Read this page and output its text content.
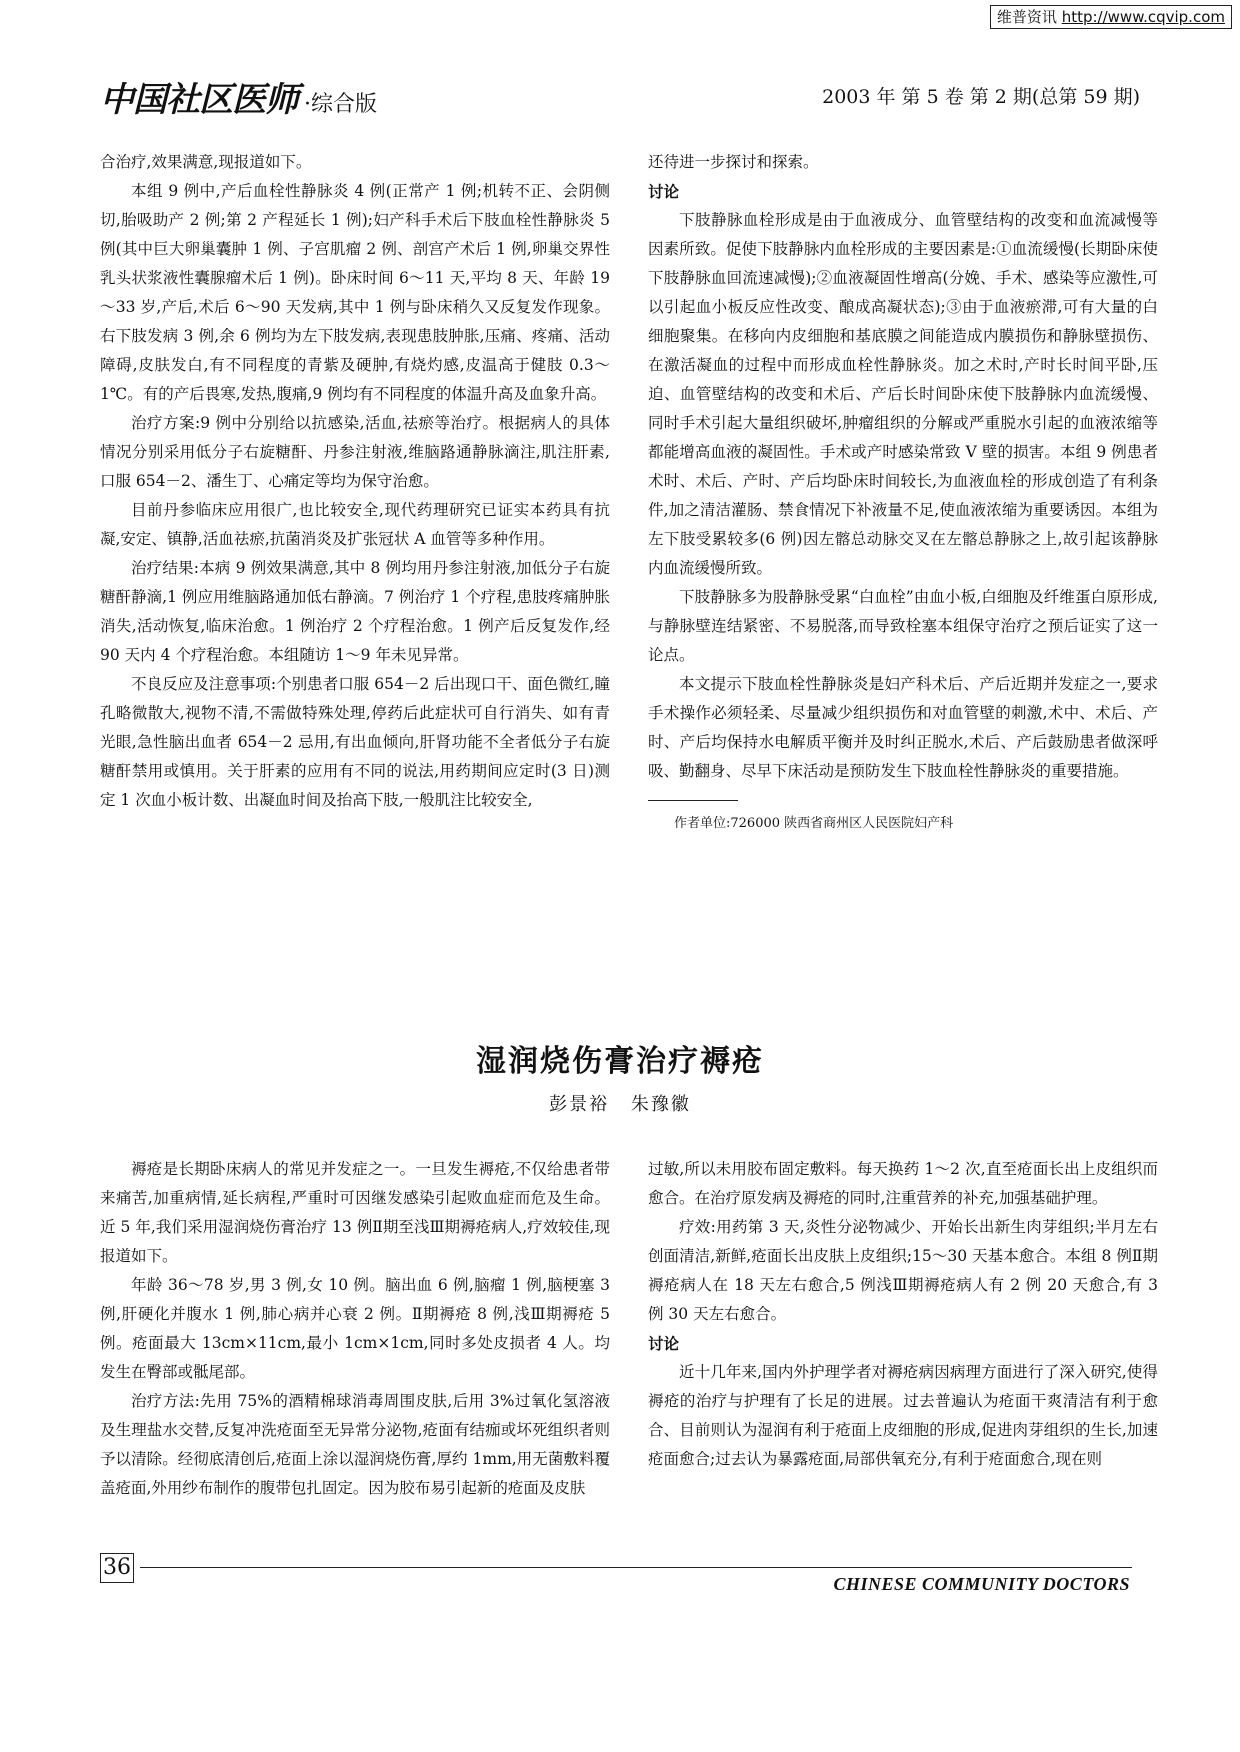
维普资讯 http://www.cqvip.com
中国社区医师 ·综合版	2003 年 第 5 卷 第 2 期(总第 59 期)

合治疗,效果满意,现报道如下。

本组 9 例中,产后血栓性静脉炎 4 例(正常产 1 例;机转不正、会阴侧切,胎吸助产 2 例;第 2 产程延长 1 例);妇产科手术后下肢血栓性静脉炎 5 例(其中巨大卵巢囊肿 1 例、子宫肌瘤 2 例、剖宫产术后 1 例,卵巢交界性乳头状浆液性囊腺瘤术后 1 例)。卧床时间 6～11 天,平均 8 天、年龄 19～33 岁,产后,术后 6～90 天发病,其中 1 例与卧床稍久又反复发作现象。右下肢发病 3 例,余 6 例均为左下肢发病,表现患肢肿胀,压痛、疼痛、活动障碍,皮肤发白,有不同程度的青紫及硬肿,有烧灼感,皮温高于健肢 0.3～1℃。有的产后畏寒,发热,腹痛,9 例均有不同程度的体温升高及血象升高。

治疗方案:9 例中分别给以抗感染,活血,祛瘀等治疗。根据病人的具体情况分别采用低分子右旋糖酐、丹参注射液,维脑路通静脉滴注,肌注肝素,口服 654－2、潘生丁、心痛定等均为保守治愈。

目前丹参临床应用很广,也比较安全,现代药理研究已证实本药具有抗凝,安定、镇静,活血祛瘀,抗菌消炎及扩张冠状 A 血管等多种作用。

治疗结果:本病 9 例效果满意,其中 8 例均用丹参注射液,加低分子右旋糖酐静滴,1 例应用维脑路通加低右静滴。7 例治疗 1 个疗程,患肢疼痛肿胀消失,活动恢复,临床治愈。1 例治疗 2 个疗程治愈。1 例产后反复发作,经 90 天内 4 个疗程治愈。本组随访 1～9 年未见异常。

不良反应及注意事项:个别患者口服 654－2 后出现口干、面色微红,瞳孔略微散大,视物不清,不需做特殊处理,停药后此症状可自行消失、如有青光眼,急性脑出血者 654－2 忌用,有出血倾向,肝肾功能不全者低分子右旋糖酐禁用或慎用。关于肝素的应用有不同的说法,用药期间应定时(3 日)测定 1 次血小板计数、出凝血时间及抬高下肢,一般肌注比较安全,

还待进一步探讨和探索。

讨论

下肢静脉血栓形成是由于血液成分、血管壁结构的改变和血流减慢等因素所致。促使下肢静脉内血栓形成的主要因素是:①血流缓慢(长期卧床使下肢静脉血回流速减慢);②血液凝固性增高(分娩、手术、感染等应激性,可以引起血小板反应性改变、酿成高凝状态);③由于血液瘀滞,可有大量的白细胞聚集。在移向内皮细胞和基底膜之间能造成内膜损伤和静脉壁损伤、在激活凝血的过程中而形成血栓性静脉炎。加之术时,产时长时间平卧,压迫、血管壁结构的改变和术后、产后长时间卧床使下肢静脉内血流缓慢、同时手术引起大量组织破坏,肿瘤组织的分解或严重脱水引起的血液浓缩等都能增高血液的凝固性。手术或产时感染常致 V 壁的损害。本组 9 例患者术时、术后、产时、产后均卧床时间较长,为血液血栓的形成创造了有利条件,加之清洁灌肠、禁食情况下补液量不足,使血液浓缩为重要诱因。本组为左下肢受累较多(6 例)因左髂总动脉交叉在左髂总静脉之上,故引起该静脉内血流缓慢所致。

下肢静脉多为股静脉受累“白血栓”由血小板,白细胞及纤维蛋白原形成,与静脉壁连结紧密、不易脱落,而导致栓塞本组保守治疗之预后证实了这一论点。

本文提示下肢血栓性静脉炎是妇产科术后、产后近期并发症之一,要求手术操作必须轻柔、尽量减少组织损伤和对血管壁的刺激,术中、术后、产时、产后均保持水电解质平衡并及时纠正脱水,术后、产后鼓励患者做深呼吸、勤翻身、尽早下床活动是预防发生下肢血栓性静脉炎的重要措施。

作者单位:726000 陕西省商州区人民医院妇产科

湿润烧伤膏治疗褥疮
彭景裕 朱豫徽

褥疮是长期卧床病人的常见并发症之一。一旦发生褥疮,不仅给患者带来痛苦,加重病情,延长病程,严重时可因继发感染引起败血症而危及生命。近 5 年,我们采用湿润烧伤膏治疗 13 例Ⅱ期至浅Ⅲ期褥疮病人,疗效较佳,现报道如下。

年龄 36～78 岁,男 3 例,女 10 例。脑出血 6 例,脑瘤 1 例,脑梗塞 3 例,肝硬化并腹水 1 例,肺心病并心衰 2 例。Ⅱ期褥疮 8 例,浅Ⅲ期褥疮 5 例。疮面最大 13cm×11cm,最小 1cm×1cm,同时多处皮损者 4 人。均发生在臀部或骶尾部。

治疗方法:先用 75%的酒精棉球消毒周围皮肤,后用 3%过氧化氢溶液及生理盐水交替,反复冲洗疮面至无异常分泌物,疮面有结痂或坏死组织者则予以清除。经彻底清创后,疮面上涂以湿润烧伤膏,厚约 1mm,用无菌敷料覆盖疮面,外用纱布制作的腹带包扎固定。因为胶布易引起新的疮面及皮肤

过敏,所以未用胶布固定敷料。每天换药 1～2 次,直至疮面长出上皮组织而愈合。在治疗原发病及褥疮的同时,注重营养的补充,加强基础护理。

疗效:用药第 3 天,炎性分泌物减少、开始长出新生肉芽组织;半月左右创面清洁,新鲜,疮面长出皮肤上皮组织;15～30 天基本愈合。本组 8 例Ⅱ期褥疮病人在 18 天左右愈合,5 例浅Ⅲ期褥疮病人有 2 例 20 天愈合,有 3 例 30 天左右愈合。

讨论

近十几年来,国内外护理学者对褥疮病因病理方面进行了深入研究,使得褥疮的治疗与护理有了长足的进展。过去普遍认为疮面干爽清洁有利于愈合、目前则认为湿润有利于疮面上皮细胞的形成,促进肉芽组织的生长,加速疮面愈合;过去认为暴露疮面,局部供氧充分,有利于疮面愈合,现在则

36
CHINESE COMMUNITY DOCTORS
